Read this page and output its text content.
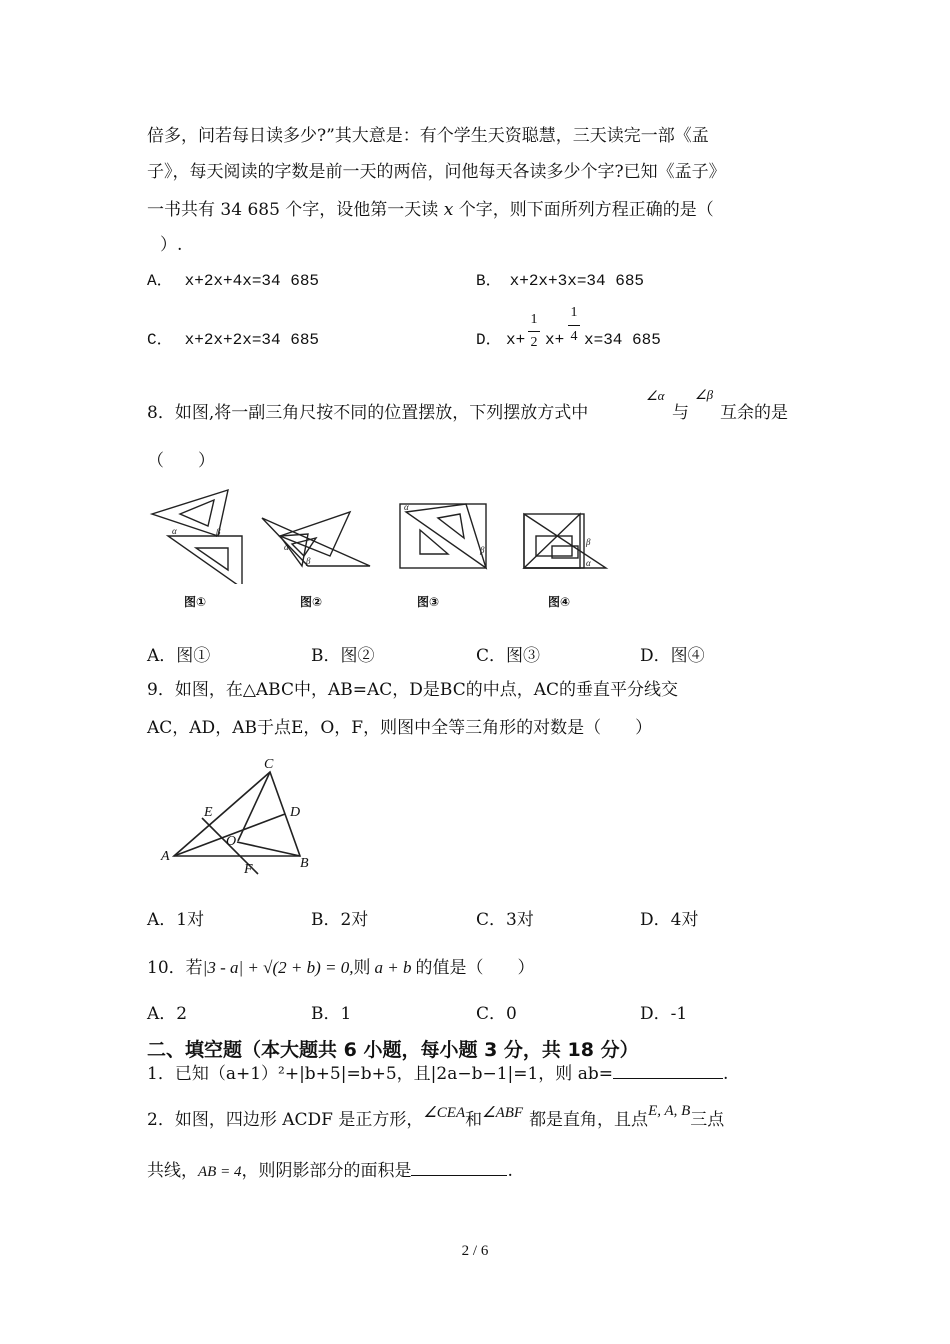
倍多，问若每日读多少?”其大意是：有个学生天资聪慧，三天读完一部《孟
子》，每天阅读的字数是前一天的两倍，问他每天各读多少个字?已知《孟子》
一书共有 34 685 个字，设他第一天读 x 个字，则下面所列方程正确的是（
）.
A． x+2x+4x=34 685	B． x+2x+3x=34 685
C． x+2x+2x=34 685	D． x+
1
2 x+
1
4 x=34 685
8．如图,将一副三角尺按不同的位置摆放，下列摆放方式中
∠α
与
∠β
互余的是
（　　）
α	β
α
β
α
β
β
α
图①	图②	图③	图④
A．图①	B．图②	C．图③	D．图④
9．如图，在△ABC中，AB=AC，D是BC的中点，AC的垂直平分线交
AC，AD，AB于点E，O，F，则图中全等三角形的对数是（　　）
C
E	D
O
A	B
F
A．1对	B．2对	C．3对	D．4对
10．若|3 - a| + √(2 + b) = 0,则 a + b 的值是（　　）
A．2	B．1	C．0	D．-1
二、填空题（本大题共 6 小题，每小题 3 分，共 18 分）
1．已知（a+1）²+|b+5|=b+5，且|2a−b−1|=1，则 ab=	.
2．如图，四边形 ACDF 是正方形，∠CEA和∠ABF 都是直角，且点E, A, B三点
共线，AB = 4，则阴影部分的面积是	.
2 / 6
